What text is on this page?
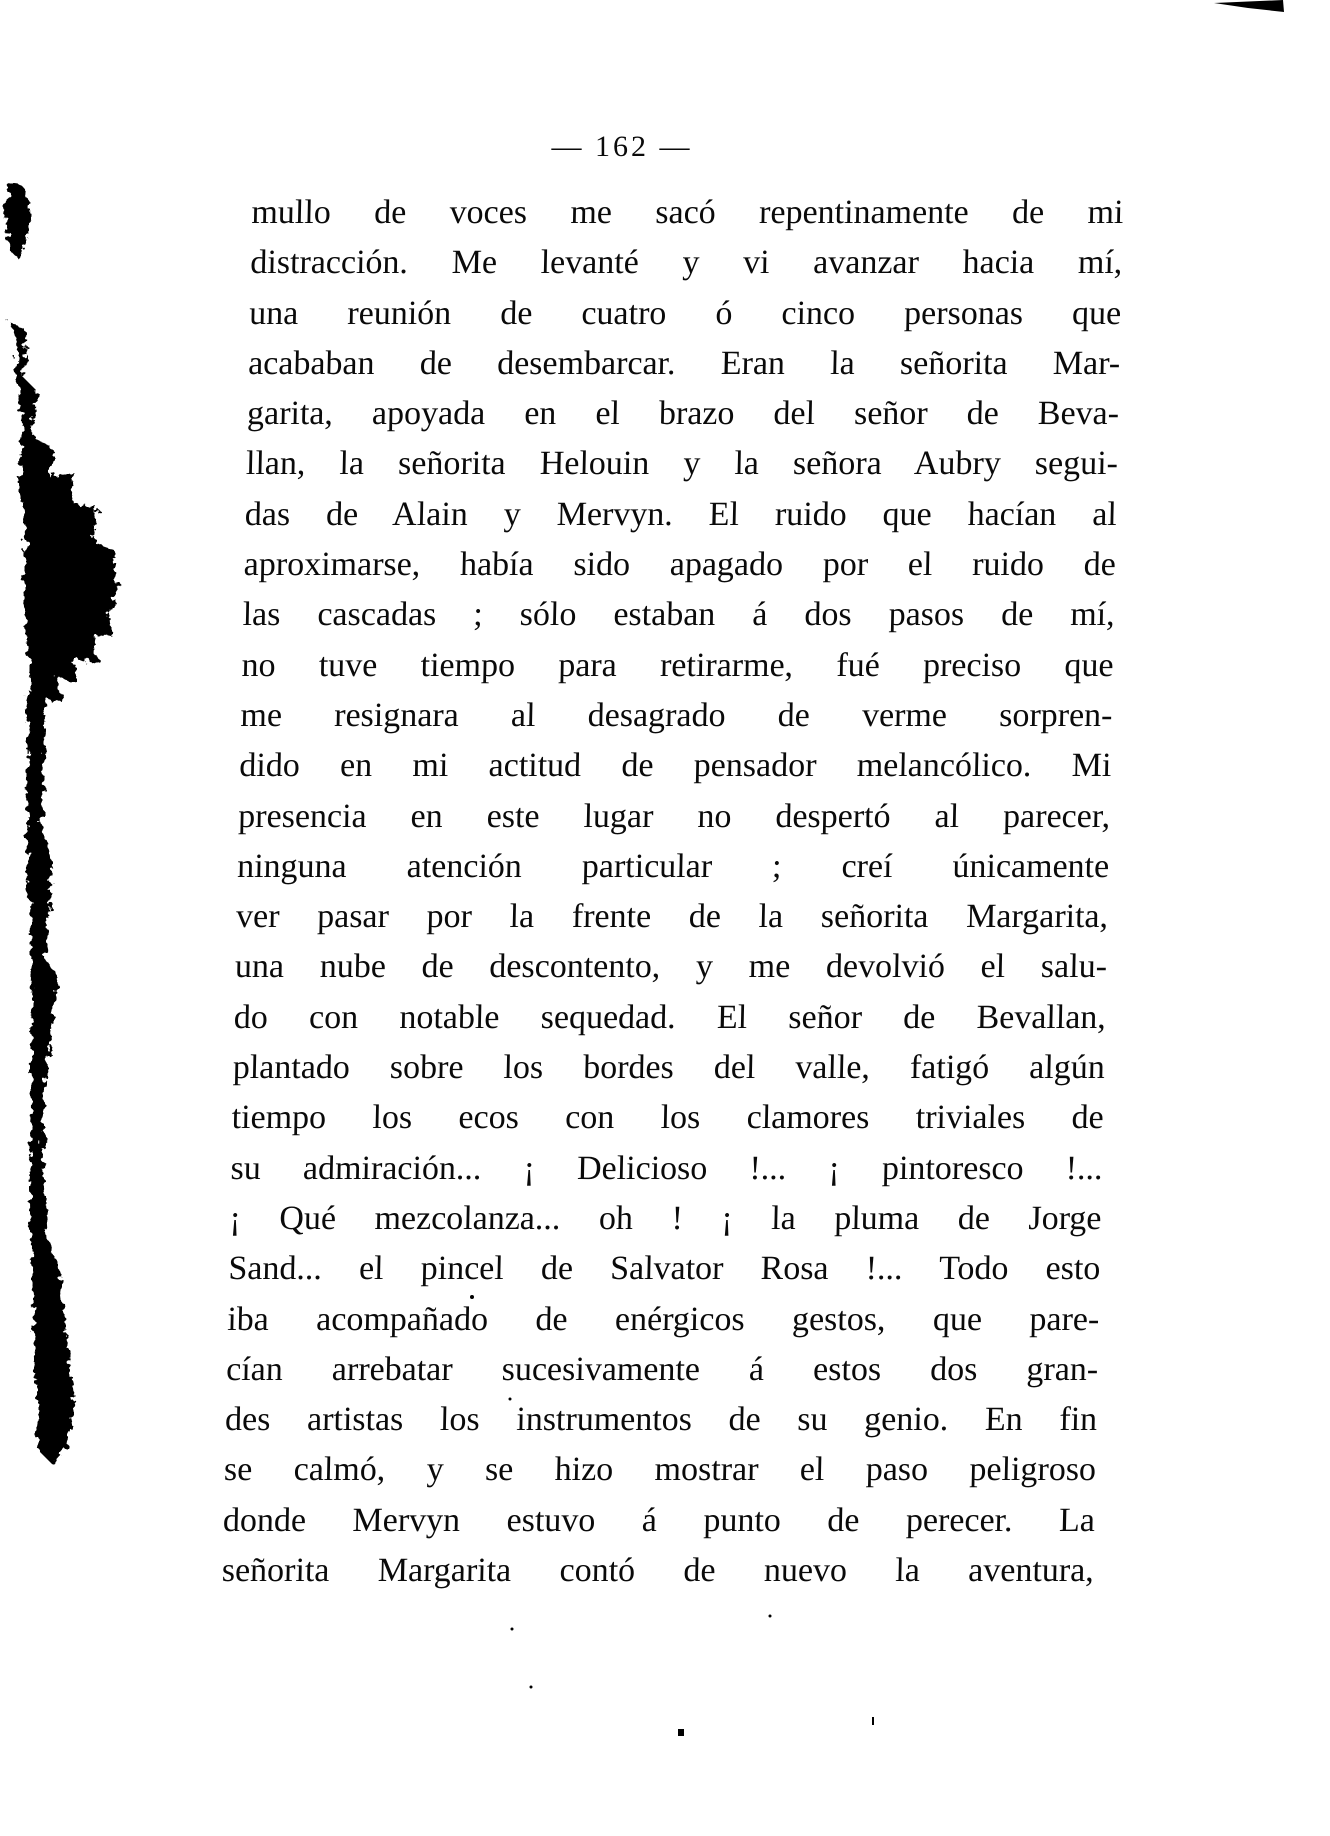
— 162 —
mullo de voces me sacó repentinamente de mi
distracción. Me levanté y vi avanzar hacia mí,
una reunión de cuatro ó cinco personas que
acababan de desembarcar. Eran la señorita Mar-
garita, apoyada en el brazo del señor de Beva-
llan, la señorita Helouin y la señora Aubry segui-
das de Alain y Mervyn. El ruido que hacían al
aproximarse, había sido apagado por el ruido de
las cascadas ; sólo estaban á dos pasos de mí,
no tuve tiempo para retirarme, fué preciso que
me resignara al desagrado de verme sorpren-
dido en mi actitud de pensador melancólico. Mi
presencia en este lugar no despertó al parecer,
ninguna atención particular ; creí únicamente
ver pasar por la frente de la señorita Margarita,
una nube de descontento, y me devolvió el salu-
do con notable sequedad. El señor de Bevallan,
plantado sobre los bordes del valle, fatigó algún
tiempo los ecos con los clamores triviales de
su admiración... ¡ Delicioso !... ¡ pintoresco !...
¡ Qué mezcolanza... oh ! ¡ la pluma de Jorge
Sand... el pincel de Salvator Rosa !... Todo esto
iba acompañado de enérgicos gestos, que pare-
cían arrebatar sucesivamente á estos dos gran-
des artistas los instrumentos de su genio. En fin
se calmó, y se hizo mostrar el paso peligroso
donde Mervyn estuvo á punto de perecer. La
señorita Margarita contó de nuevo la aventura,
